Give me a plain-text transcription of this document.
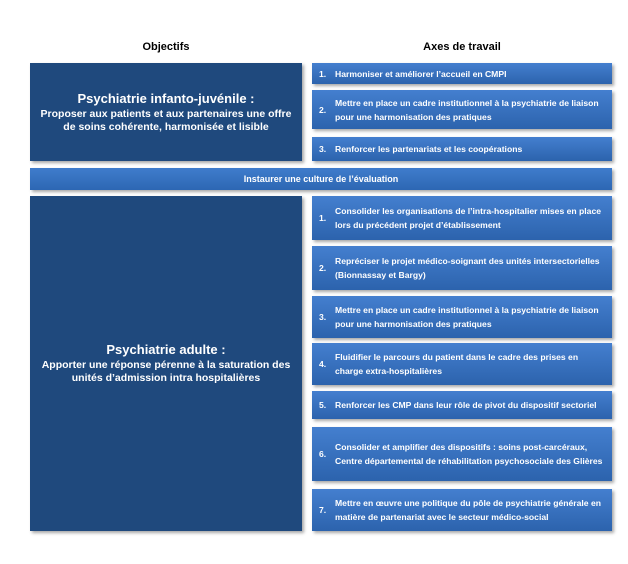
Objectifs	Axes de travail
Psychiatrie infanto-juvénile :
Proposer aux patients et aux partenaires une offre de soins cohérente, harmonisée et lisible
Instaurer une culture de l’évaluation
Psychiatrie adulte :
Apporter une réponse pérenne à la saturation des unités d’admission intra hospitalières
1.	Harmoniser et améliorer l’accueil en CMPI
2.
Mettre en place un cadre institutionnel à la psychiatrie de liaison pour une harmonisation des pratiques
3.	Renforcer les partenariats et les coopérations
1.
Consolider les organisations de l’intra-hospitalier mises en place lors du précédent projet d’établissement
2.
Repréciser le projet médico-soignant des unités intersectorielles (Bionnassay et Bargy)
3.
Mettre en place un cadre institutionnel à la psychiatrie de liaison pour une harmonisation des pratiques
4.
Fluidifier le parcours du patient dans le cadre des prises en charge extra-hospitalières
5.	Renforcer les CMP dans leur rôle de pivot du dispositif sectoriel
6.
Consolider et amplifier des dispositifs : soins post-carcéraux, Centre départemental de réhabilitation psychosociale des Glières
7.
Mettre en œuvre une politique du pôle de psychiatrie générale en matière de partenariat avec le secteur médico-social
